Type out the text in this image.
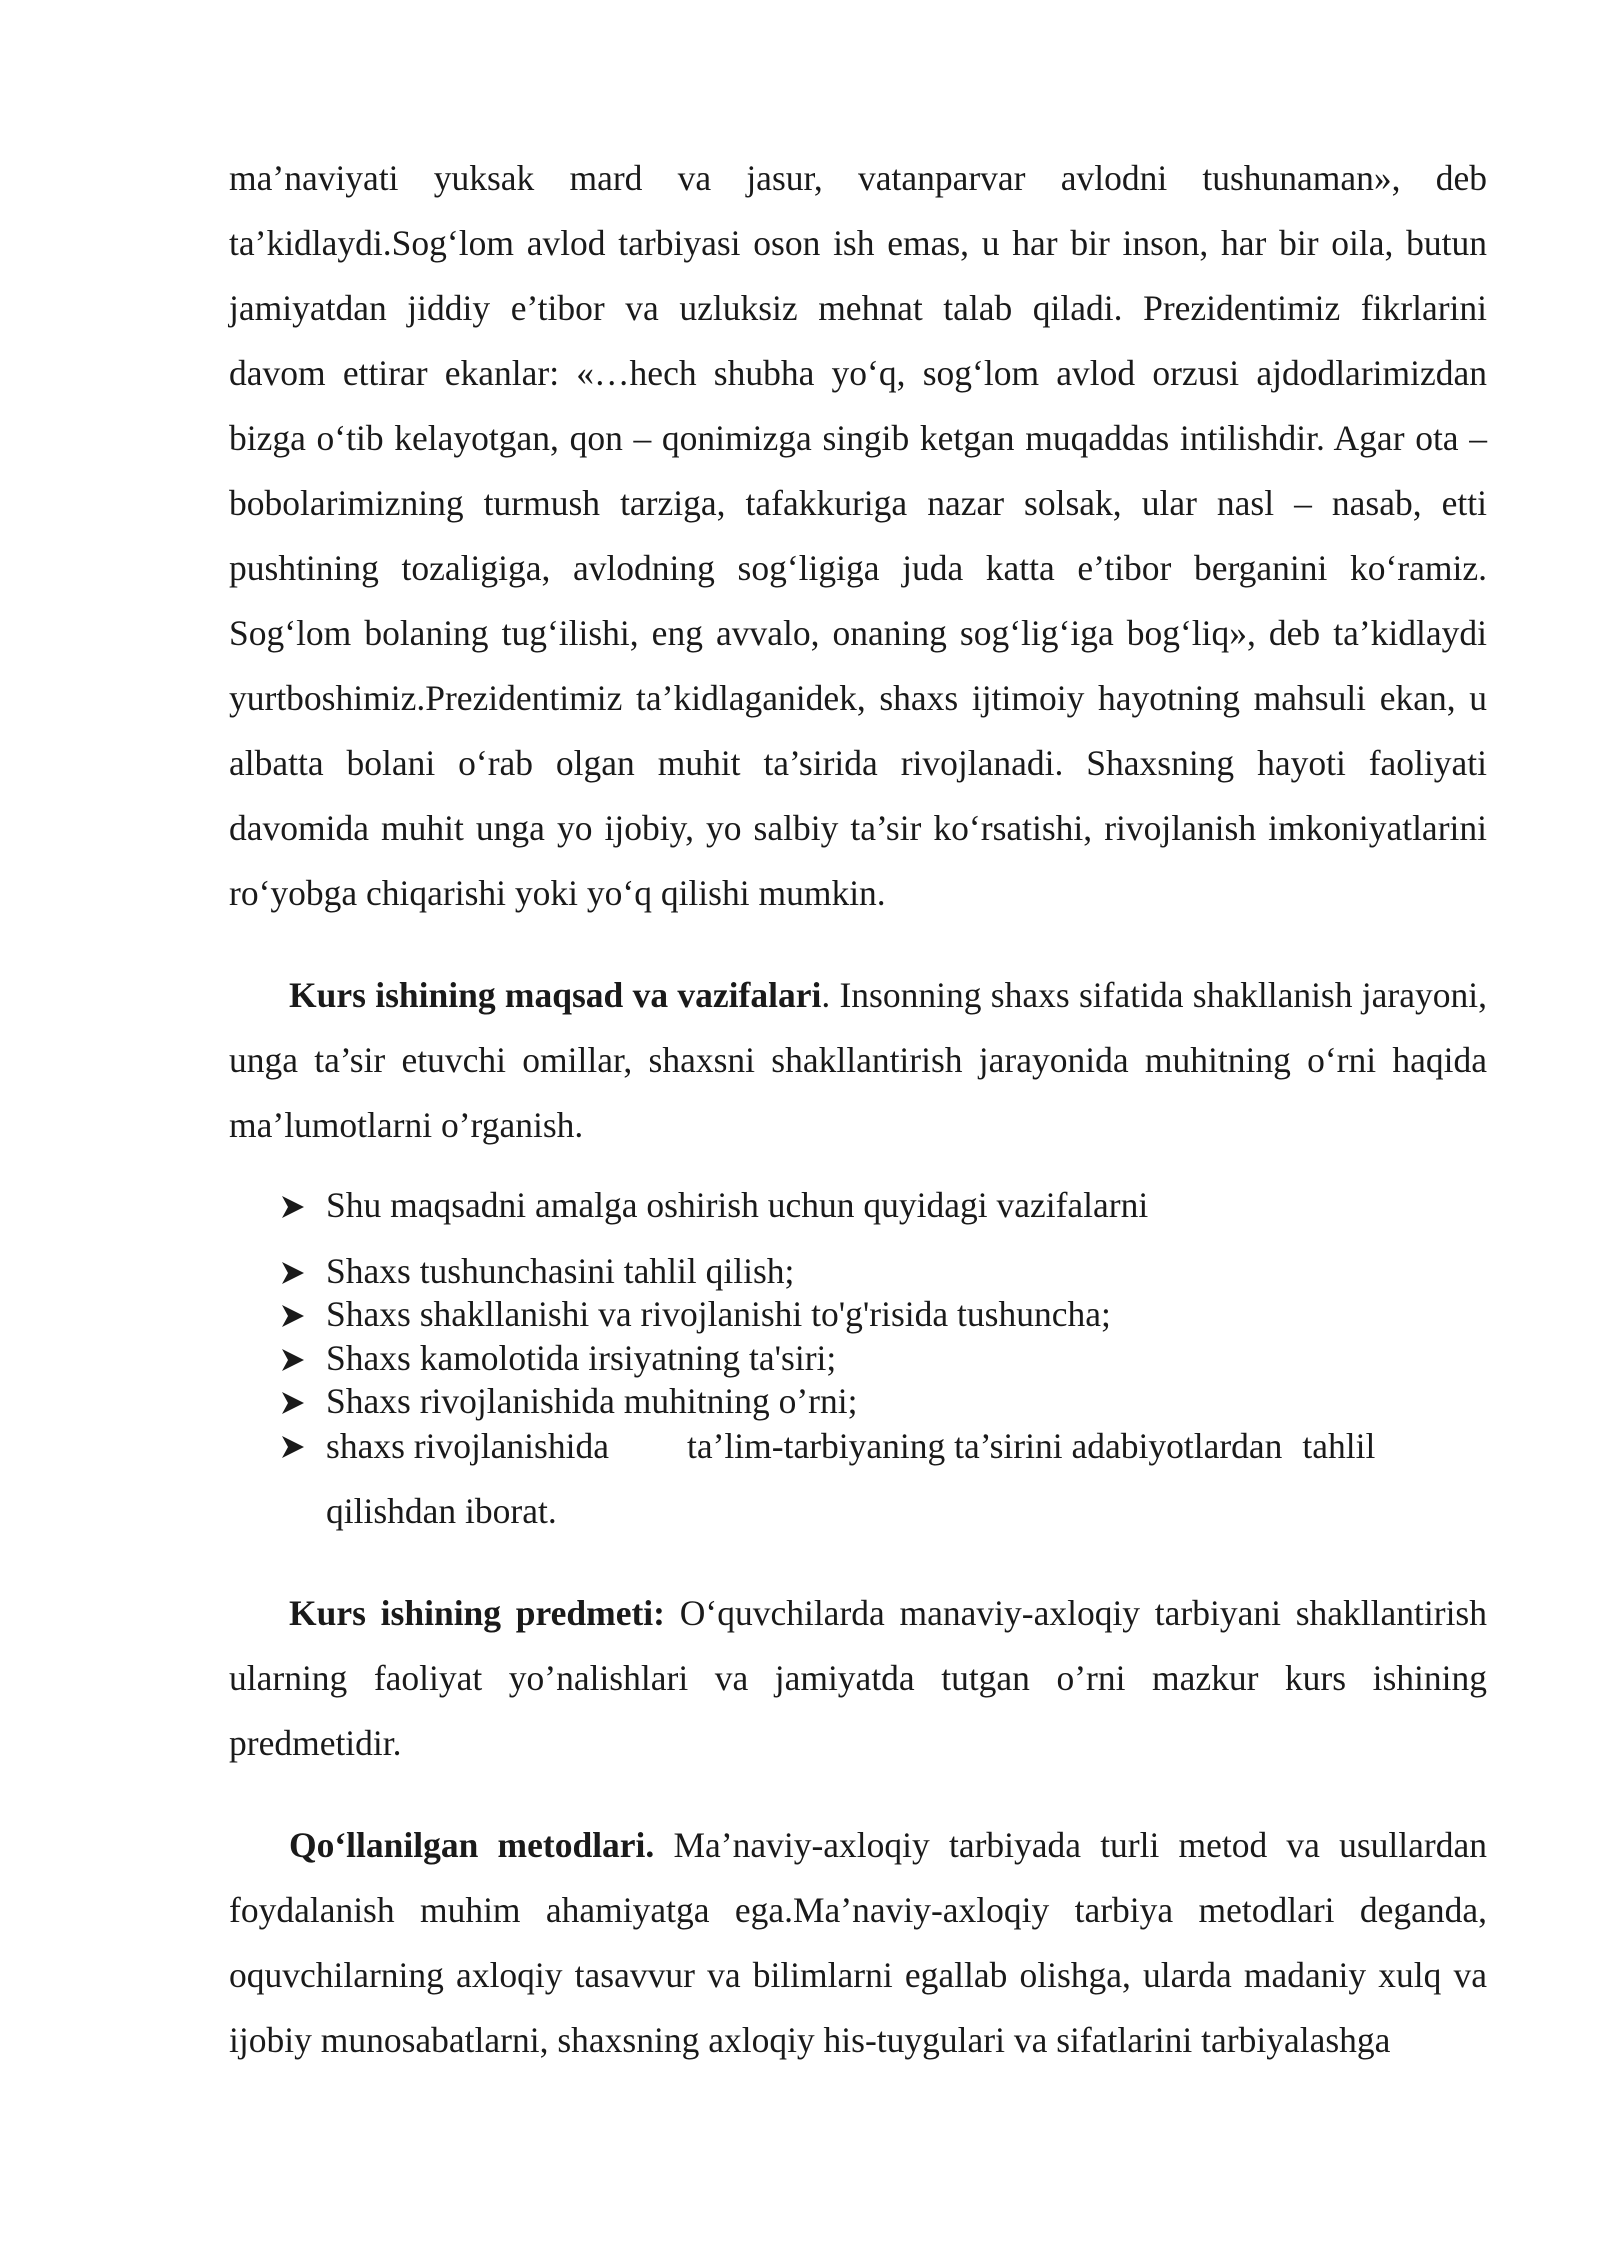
ma’naviyati yuksak mard va jasur, vatanparvar avlodni tushunaman», deb ta’kidlaydi.Sog‘lom avlod tarbiyasi oson ish emas, u har bir inson, har bir oila, butun jamiyatdan jiddiy e’tibor va uzluksiz mehnat talab qiladi. Prezidentimiz fikrlarini davom ettirar ekanlar: «…hech shubha yo‘q, sog‘lom avlod orzusi ajdodlarimizdan bizga o‘tib kelayotgan, qon – qonimizga singib ketgan muqaddas intilishdir. Agar ota – bobolarimizning turmush tarziga, tafakkuriga nazar solsak, ular nasl – nasab, etti pushtining tozaligiga, avlodning sog‘ligiga juda katta e’tibor berganini ko‘ramiz. Sog‘lom bolaning tug‘ilishi, eng avvalo, onaning sog‘lig‘iga bog‘liq», deb ta’kidlaydi yurtboshimiz.Prezidentimiz ta’kidlaganidek, shaxs ijtimoiy hayotning mahsuli ekan, u albatta bolani o‘rab olgan muhit ta’sirida rivojlanadi. Shaxsning hayoti faoliyati davomida muhit unga yo ijobiy, yo salbiy ta’sir ko‘rsatishi, rivojlanish imkoniyatlarini ro‘yobga chiqarishi yoki yo‘q qilishi mumkin.

Kurs ishining maqsad va vazifalari. Insonning shaxs sifatida shakllanish jarayoni, unga ta’sir etuvchi omillar, shaxsni shakllantirish jarayonida muhitning o‘rni haqida ma’lumotlarni o’rganish.

Shu maqsadni amalga oshirish uchun quyidagi vazifalarni
Shaxs tushunchasini tahlil qilish;
Shaxs shakllanishi va rivojlanishi to'g'risida tushuncha;
Shaxs kamolotida irsiyatning ta'siri;
Shaxs rivojlanishida muhitning o’rni;
shaxs rivojlanishida ta’lim-tarbiyaning ta’sirini adabiyotlardan tahlil qilishdan iborat.

Kurs ishining predmeti: O‘quvchilarda manaviy-axloqiy tarbiyani shakllantirish ularning faoliyat yo’nalishlari va jamiyatda tutgan o’rni mazkur kurs ishining predmetidir.

Qo‘llanilgan metodlari. Ma’naviy-axloqiy tarbiyada turli metod va usullardan foydalanish muhim ahamiyatga ega.Ma’naviy-axloqiy tarbiya metodlari deganda, oquvchilarning axloqiy tasavvur va bilimlarni egallab olishga, ularda madaniy xulq va ijobiy munosabatlarni, shaxsning axloqiy his-tuygulari va sifatlarini tarbiyalashga
